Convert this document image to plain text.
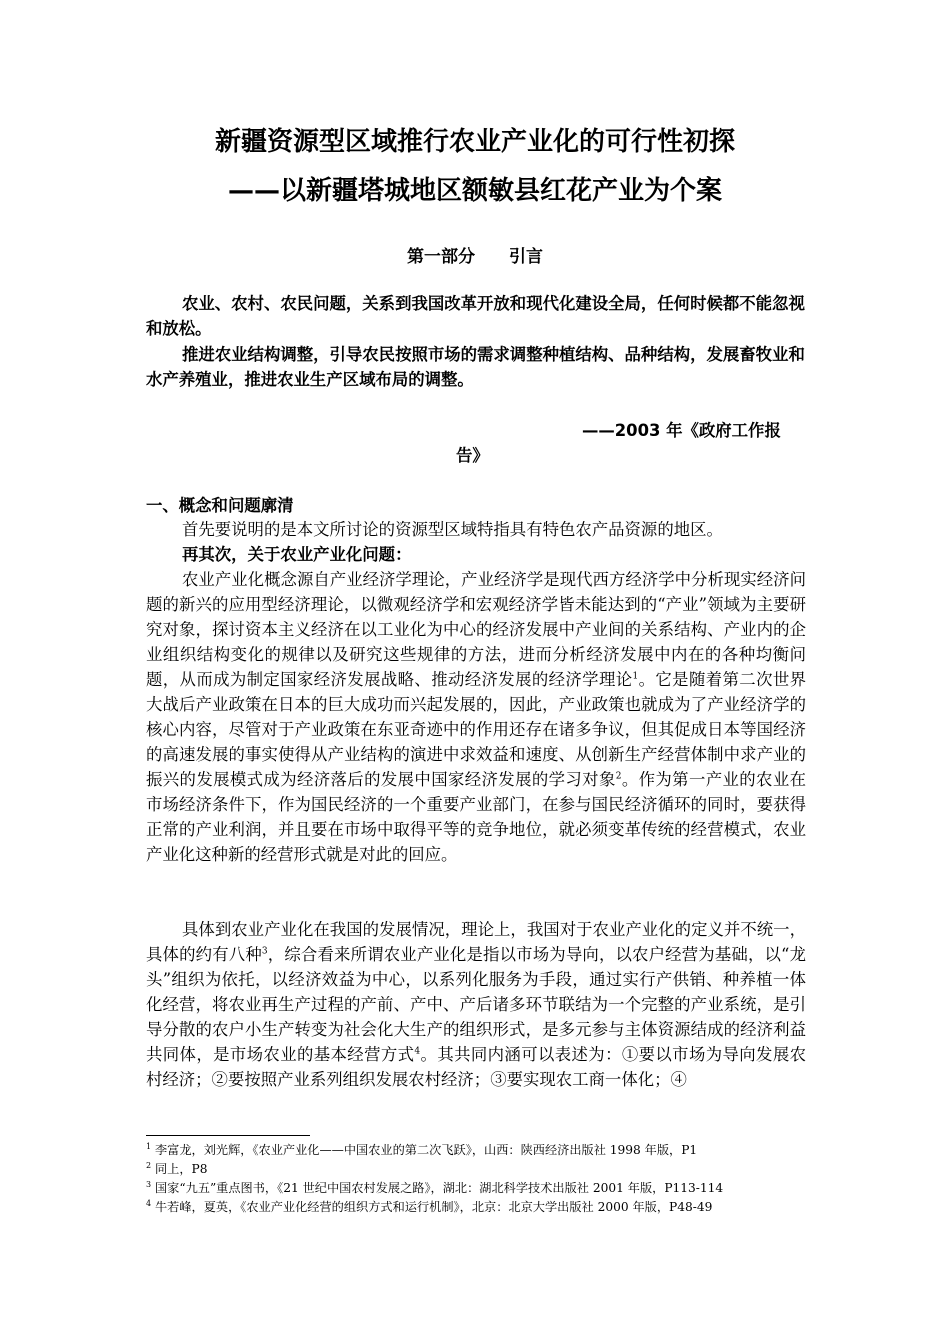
新疆资源型区域推行农业产业化的可行性初探
——以新疆塔城地区额敏县红花产业为个案
第一部分 引言
农业、农村、农民问题，关系到我国改革开放和现代化建设全局，任何时候都不能忽视和放松。
推进农业结构调整，引导农民按照市场的需求调整种植结构、品种结构，发展畜牧业和水产养殖业，推进农业生产区域布局的调整。
——2003 年《政府工作报
告》
一、概念和问题廓清
首先要说明的是本文所讨论的资源型区域特指具有特色农产品资源的地区。
再其次，关于农业产业化问题：
农业产业化概念源自产业经济学理论，产业经济学是现代西方经济学中分析现实经济问题的新兴的应用型经济理论，以微观经济学和宏观经济学皆未能达到的“产业”领域为主要研究对象，探讨资本主义经济在以工业化为中心的经济发展中产业间的关系结构、产业内的企业组织结构变化的规律以及研究这些规律的方法，进而分析经济发展中内在的各种均衡问题，从而成为制定国家经济发展战略、推动经济发展的经济学理论$^1$。它是随着第二次世界大战后产业政策在日本的巨大成功而兴起发展的，因此，产业政策也就成为了产业经济学的核心内容，尽管对于产业政策在东亚奇迹中的作用还存在诸多争议，但其促成日本等国经济的高速发展的事实使得从产业结构的演进中求效益和速度、从创新生产经营体制中求产业的振兴的发展模式成为经济落后的发展中国家经济发展的学习对象$^2$。作为第一产业的农业在市场经济条件下，作为国民经济的一个重要产业部门，在参与国民经济循环的同时，要获得正常的产业利润，并且要在市场中取得平等的竞争地位，就必须变革传统的经营模式，农业产业化这种新的经营形式就是对此的回应。
具体到农业产业化在我国的发展情况，理论上，我国对于农业产业化的定义并不统一，具体的约有八种$^3$，综合看来所谓农业产业化是指以市场为导向，以农户经营为基础，以“龙头”组织为依托，以经济效益为中心，以系列化服务为手段，通过实行产供销、种养植一体化经营，将农业再生产过程的产前、产中、产后诸多环节联结为一个完整的产业系统，是引导分散的农户小生产转变为社会化大生产的组织形式，是多元参与主体资源结成的经济利益共同体，是市场农业的基本经营方式$^4$。其共同内涵可以表述为：①要以市场为导向发展农村经济；②要按照产业系列组织发展农村经济；③要实现农工商一体化；④
$^1$ 李富龙，刘光辉，《农业产业化——中国农业的第二次飞跃》，山西：陕西经济出版社 1998 年版，P1
$^2$ 同上，P8
$^3$ 国家“九五”重点图书，《21 世纪中国农村发展之路》，湖北：湖北科学技术出版社 2001 年版，P113-114
$^4$ 牛若峰，夏英，《农业产业化经营的组织方式和运行机制》，北京：北京大学出版社 2000 年版，P48-49
